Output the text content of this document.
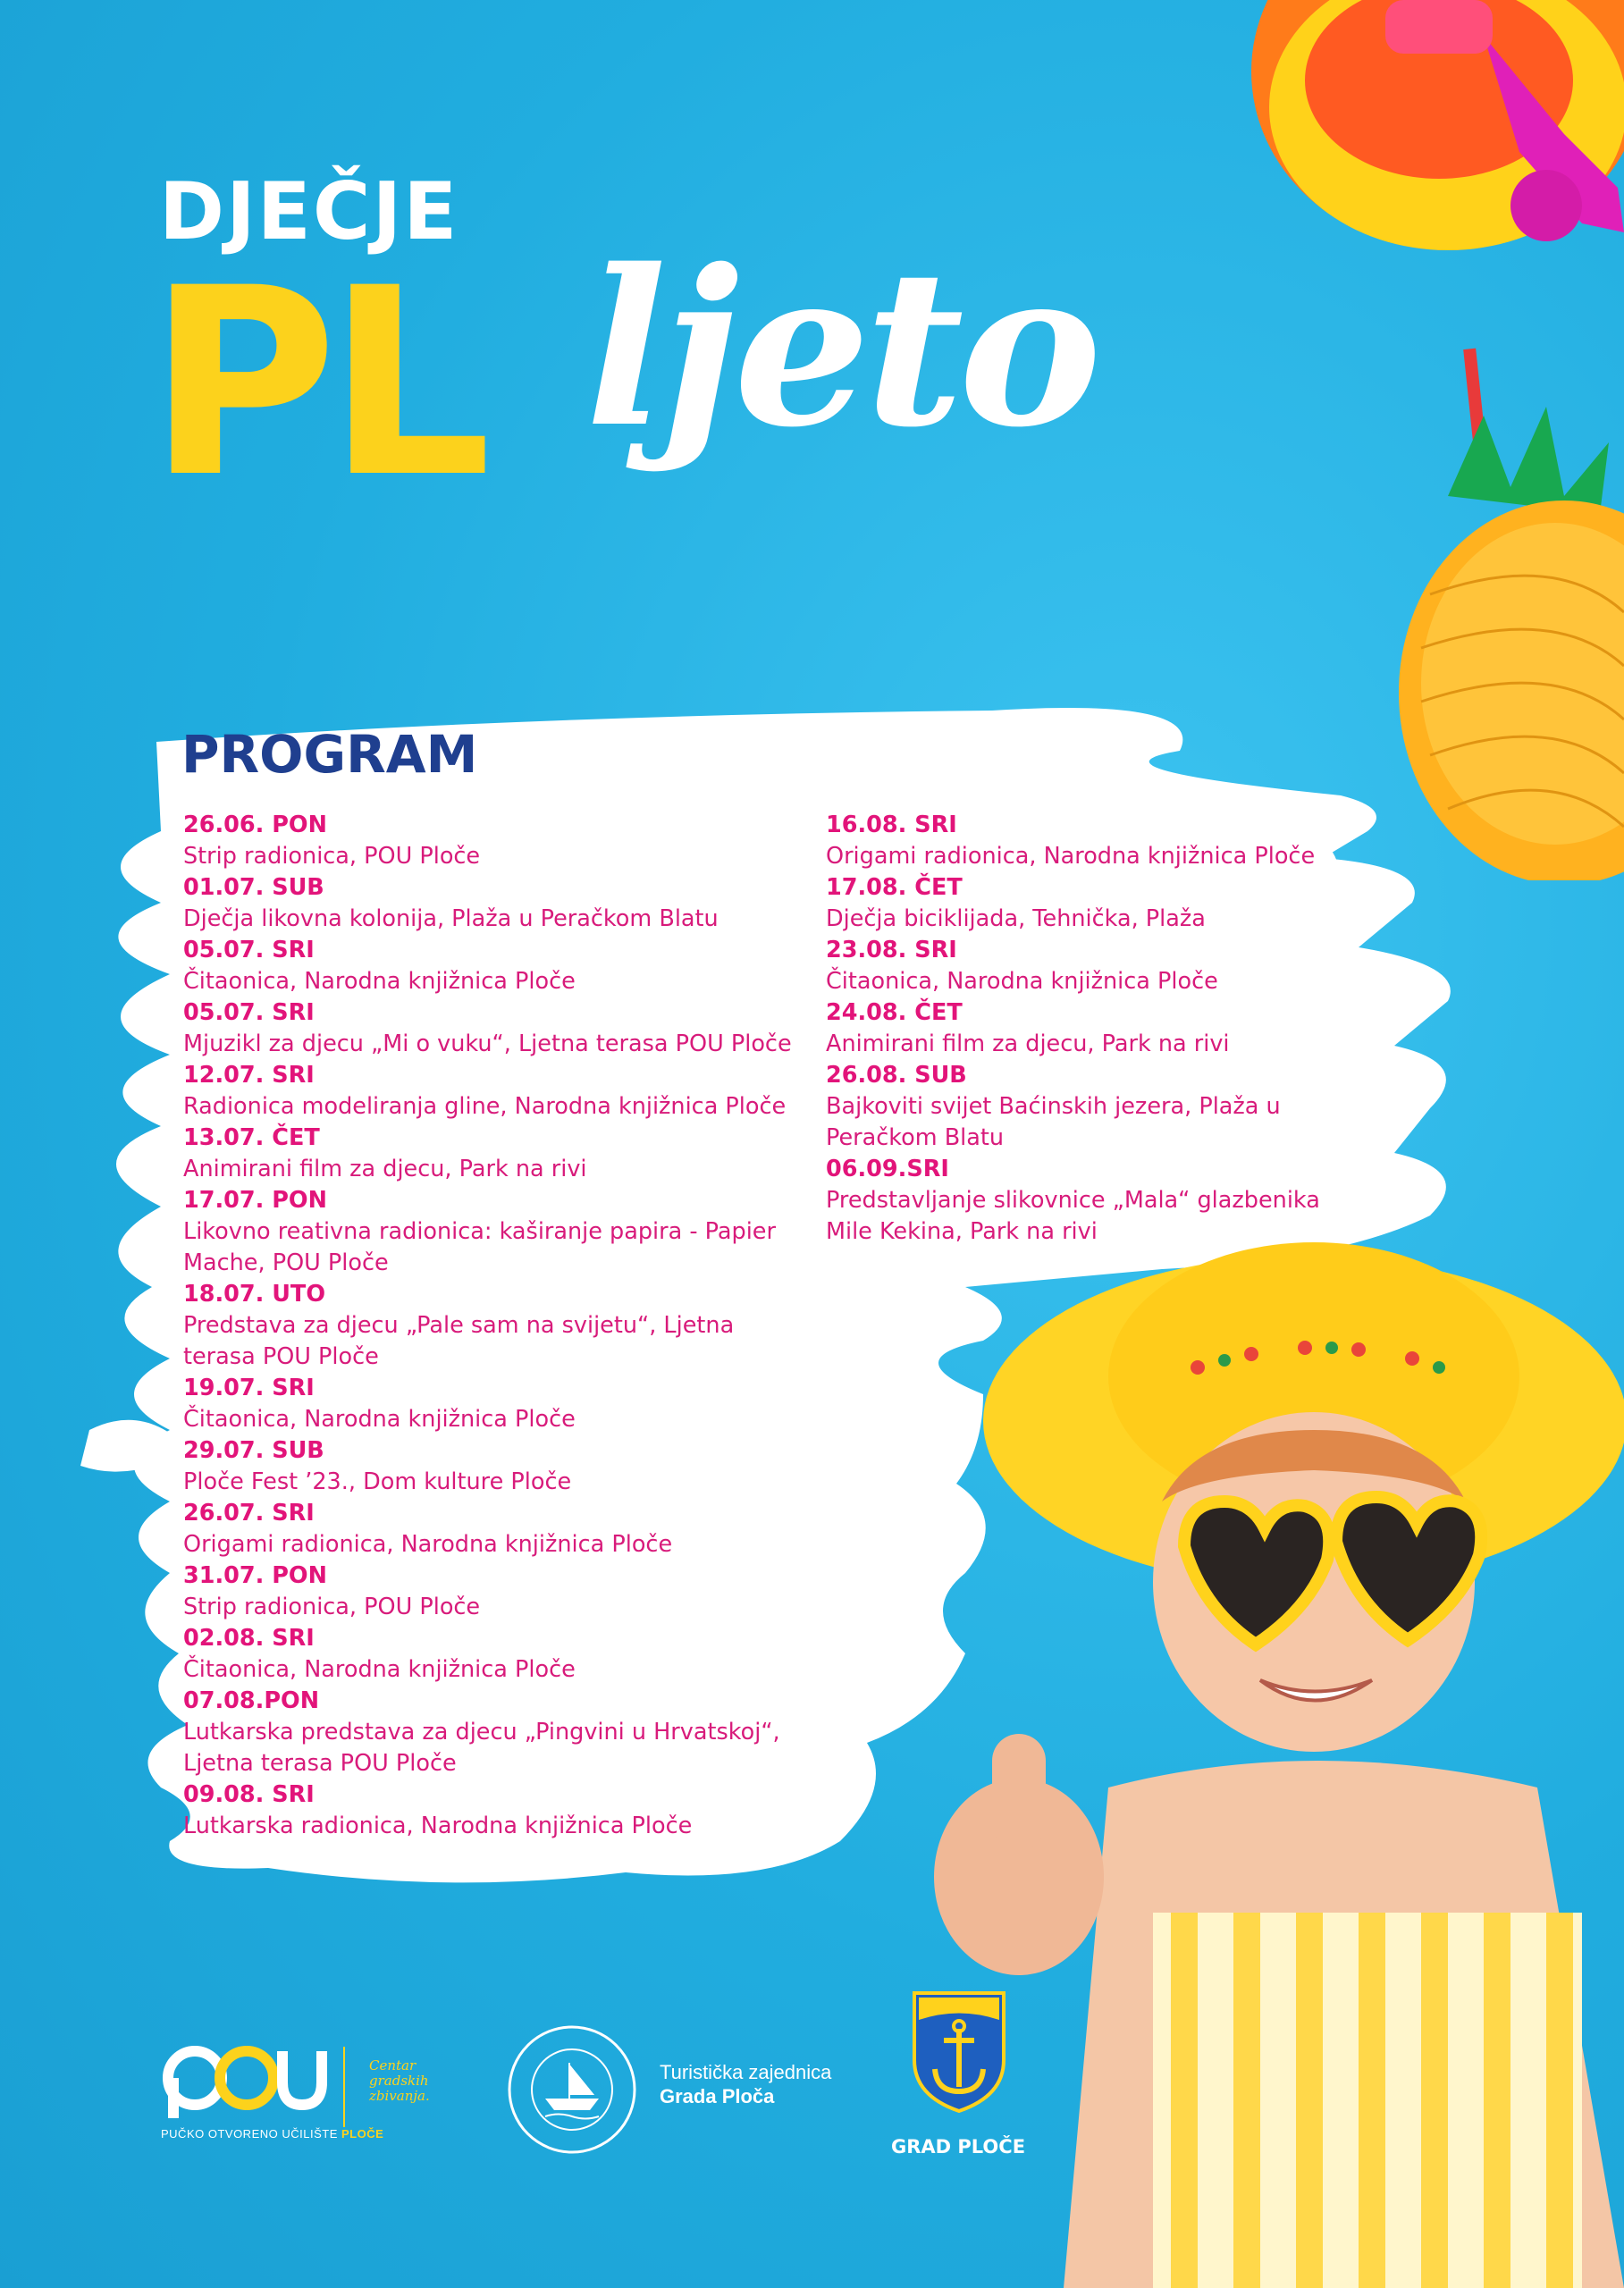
DJEČJE
PL ljeto
PROGRAM
26.06. PON
Strip radionica, POU Ploče
01.07. SUB
Dječja likovna kolonija, Plaža u Peračkom Blatu
05.07. SRI
Čitaonica, Narodna knjižnica Ploče
05.07. SRI
Mjuzikl za djecu „Mi o vuku“, Ljetna terasa POU Ploče
12.07. SRI
Radionica modeliranja gline, Narodna knjižnica Ploče
13.07. ČET
Animirani film za djecu, Park na rivi
17.07. PON
Likovno reativna radionica: kaširanje papira - Papier Mache, POU Ploče
18.07. UTO
Predstava za djecu „Pale sam na svijetu“, Ljetna terasa POU Ploče
19.07. SRI
Čitaonica, Narodna knjižnica Ploče
29.07. SUB
Ploče Fest ’23., Dom kulture Ploče
26.07. SRI
Origami radionica, Narodna knjižnica Ploče
31.07. PON
Strip radionica, POU Ploče
02.08. SRI
Čitaonica, Narodna knjižnica Ploče
07.08.PON
Lutkarska predstava za djecu „Pingvini u Hrvatskoj“, Ljetna terasa POU Ploče
09.08. SRI
Lutkarska radionica, Narodna knjižnica Ploče
16.08. SRI
Origami radionica, Narodna knjižnica Ploče
17.08. ČET
Dječja biciklijada, Tehnička, Plaža
23.08. SRI
Čitaonica, Narodna knjižnica Ploče
24.08. ČET
Animirani film za djecu, Park na rivi
26.08. SUB
Bajkoviti svijet Baćinskih jezera, Plaža u Peračkom Blatu
06.09.SRI
Predstavljanje slikovnice „Mala“ glazbenika Mile Kekina, Park na rivi
PUČKO OTVORENO UČILIŠTE PLOČE
Centar gradskih zbivanja.
Turistička zajednica
Grada Ploča
GRAD PLOČE
